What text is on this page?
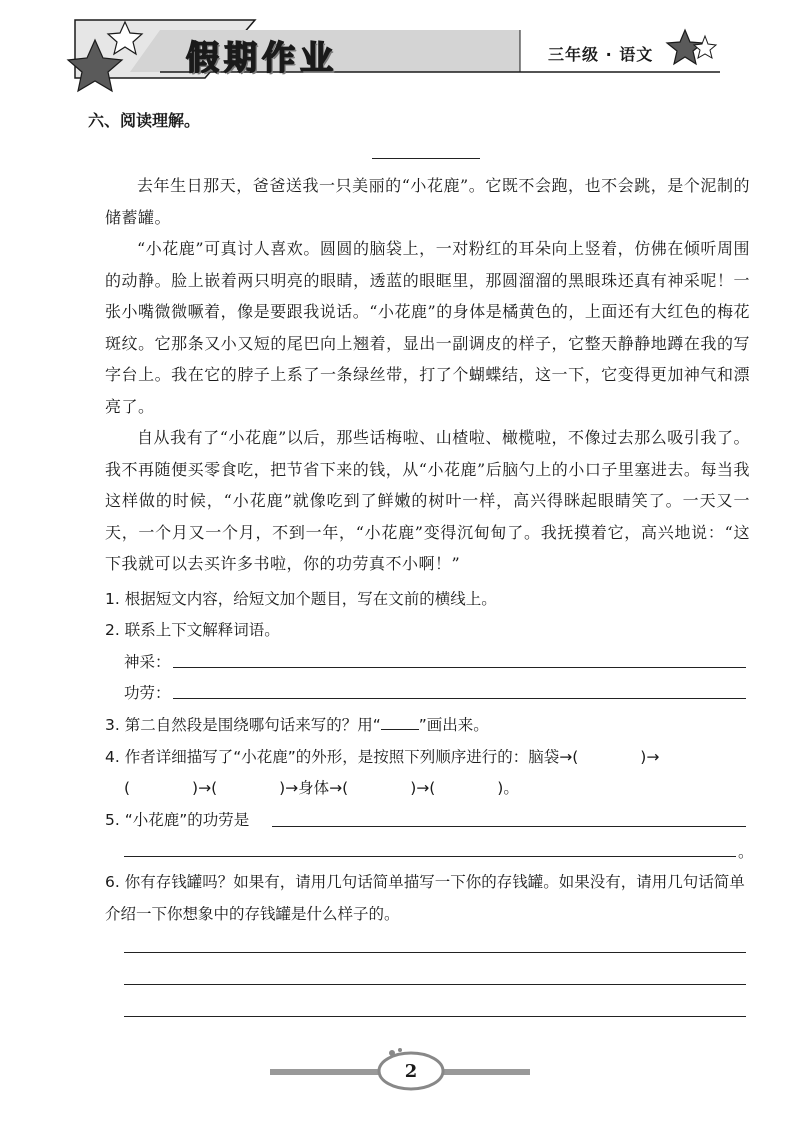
假期作业	三年级 · 语文
六、阅读理解。

去年生日那天，爸爸送我一只美丽的“小花鹿”。它既不会跑，也不会跳，是个泥制的储蓄罐。

“小花鹿”可真讨人喜欢。圆圆的脑袋上，一对粉红的耳朵向上竖着，仿佛在倾听周围的动静。脸上嵌着两只明亮的眼睛，透蓝的眼眶里，那圆溜溜的黑眼珠还真有神采呢！一张小嘴微微噘着，像是要跟我说话。“小花鹿”的身体是橘黄色的，上面还有大红色的梅花斑纹。它那条又小又短的尾巴向上翘着，显出一副调皮的样子，它整天静静地蹲在我的写字台上。我在它的脖子上系了一条绿丝带，打了个蝴蝶结，这一下，它变得更加神气和漂亮了。

自从我有了“小花鹿”以后，那些话梅啦、山楂啦、橄榄啦，不像过去那么吸引我了。我不再随便买零食吃，把节省下来的钱，从“小花鹿”后脑勺上的小口子里塞进去。每当我这样做的时候，“小花鹿”就像吃到了鲜嫩的树叶一样，高兴得眯起眼睛笑了。一天又一天，一个月又一个月，不到一年，“小花鹿”变得沉甸甸了。我抚摸着它，高兴地说：“这下我就可以去买许多书啦，你的功劳真不小啊！”

1. 根据短文内容，给短文加个题目，写在文前的横线上。
2. 联系上下文解释词语。
神采：
功劳：
3. 第二自然段是围绕哪句话来写的？用“ ”画出来。
4. 作者详细描写了“小花鹿”的外形，是按照下列顺序进行的：脑袋→(　　　　)→
(　　　　)→(　　　　)→身体→(　　　　)→(　　　　)。
5. “小花鹿”的功劳是
。
6. 你有存钱罐吗？如果有，请用几句话简单描写一下你的存钱罐。如果没有，请用几句话简单介绍一下你想象中的存钱罐是什么样子的。
2
